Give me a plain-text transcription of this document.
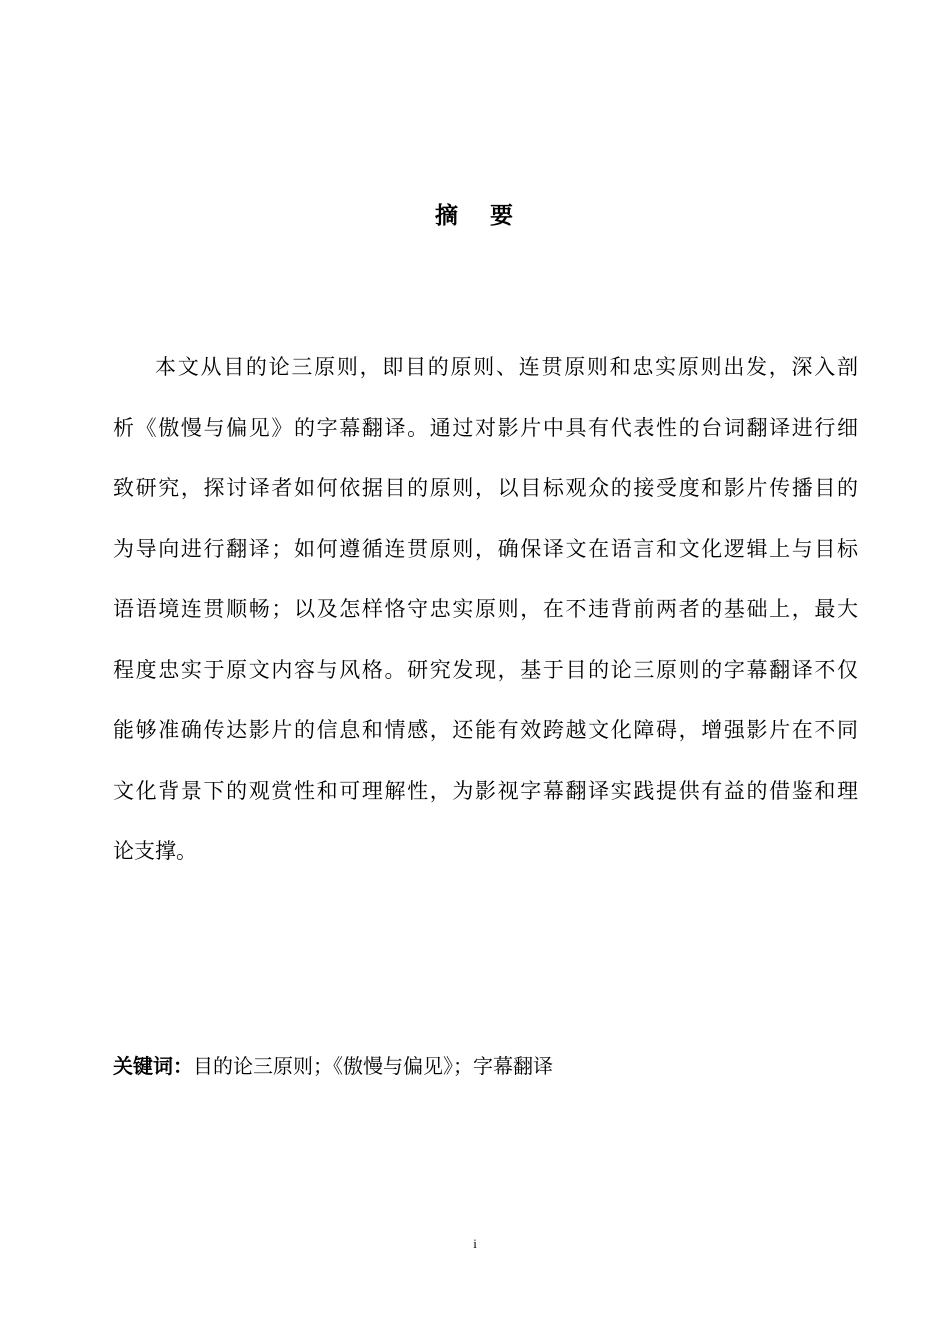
摘 要
本文从目的论三原则，即目的原则、连贯原则和忠实原则出发，深入剖
析《傲慢与偏见》的字幕翻译。通过对影片中具有代表性的台词翻译进行细
致研究，探讨译者如何依据目的原则，以目标观众的接受度和影片传播目的
为导向进行翻译；如何遵循连贯原则，确保译文在语言和文化逻辑上与目标
语语境连贯顺畅；以及怎样恪守忠实原则，在不违背前两者的基础上，最大
程度忠实于原文内容与风格。研究发现，基于目的论三原则的字幕翻译不仅
能够准确传达影片的信息和情感，还能有效跨越文化障碍，增强影片在不同
文化背景下的观赏性和可理解性，为影视字幕翻译实践提供有益的借鉴和理
论支撑。
关键词：目的论三原则；《傲慢与偏见》；字幕翻译
i
